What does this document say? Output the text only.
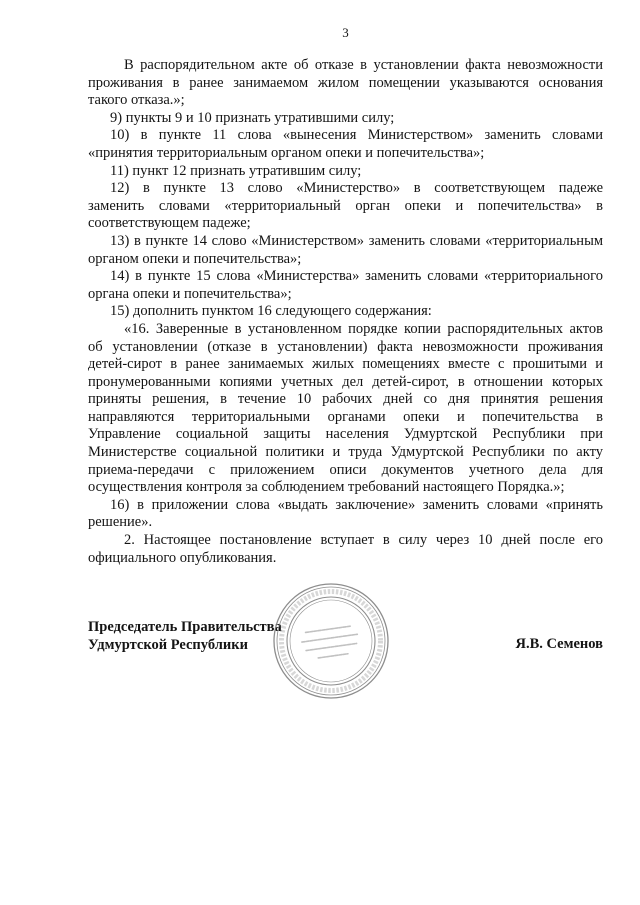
3
В распорядительном акте об отказе в установлении факта невозможности
проживания в ранее занимаемом жилом помещении указываются основания
такого отказа.»;
9) пункты 9 и 10 признать утратившими силу;
10) в пункте 11 слова «вынесения Министерством» заменить словами
«принятия территориальным органом опеки и попечительства»;
11) пункт 12 признать утратившим силу;
12) в пункте 13 слово «Министерство» в соответствующем падеже
заменить словами «территориальный орган опеки и попечительства» в
соответствующем падеже;
13) в пункте 14 слово «Министерством» заменить словами «территориальным
органом опеки и попечительства»;
14) в пункте 15 слова «Министерства» заменить словами «территориального
органа опеки и попечительства»;
15) дополнить пунктом 16 следующего содержания:
«16. Заверенные в установленном порядке копии распорядительных актов
об установлении (отказе в установлении) факта невозможности проживания
детей-сирот в ранее занимаемых жилых помещениях вместе с прошитыми и
пронумерованными копиями учетных дел детей-сирот, в отношении которых
приняты решения, в течение 10 рабочих дней со дня принятия решения
направляются территориальными органами опеки и попечительства в
Управление социальной защиты населения Удмуртской Республики при
Министерстве социальной политики и труда Удмуртской Республики по акту
приема-передачи с приложением описи документов учетного дела для
осуществления контроля за соблюдением требований настоящего Порядка.»;
16) в приложении слова «выдать заключение» заменить словами «принять
решение».
2. Настоящее постановление вступает в силу через 10 дней после его
официального опубликования.
Председатель Правительства
Удмуртской Республики	Я.В. Семенов
